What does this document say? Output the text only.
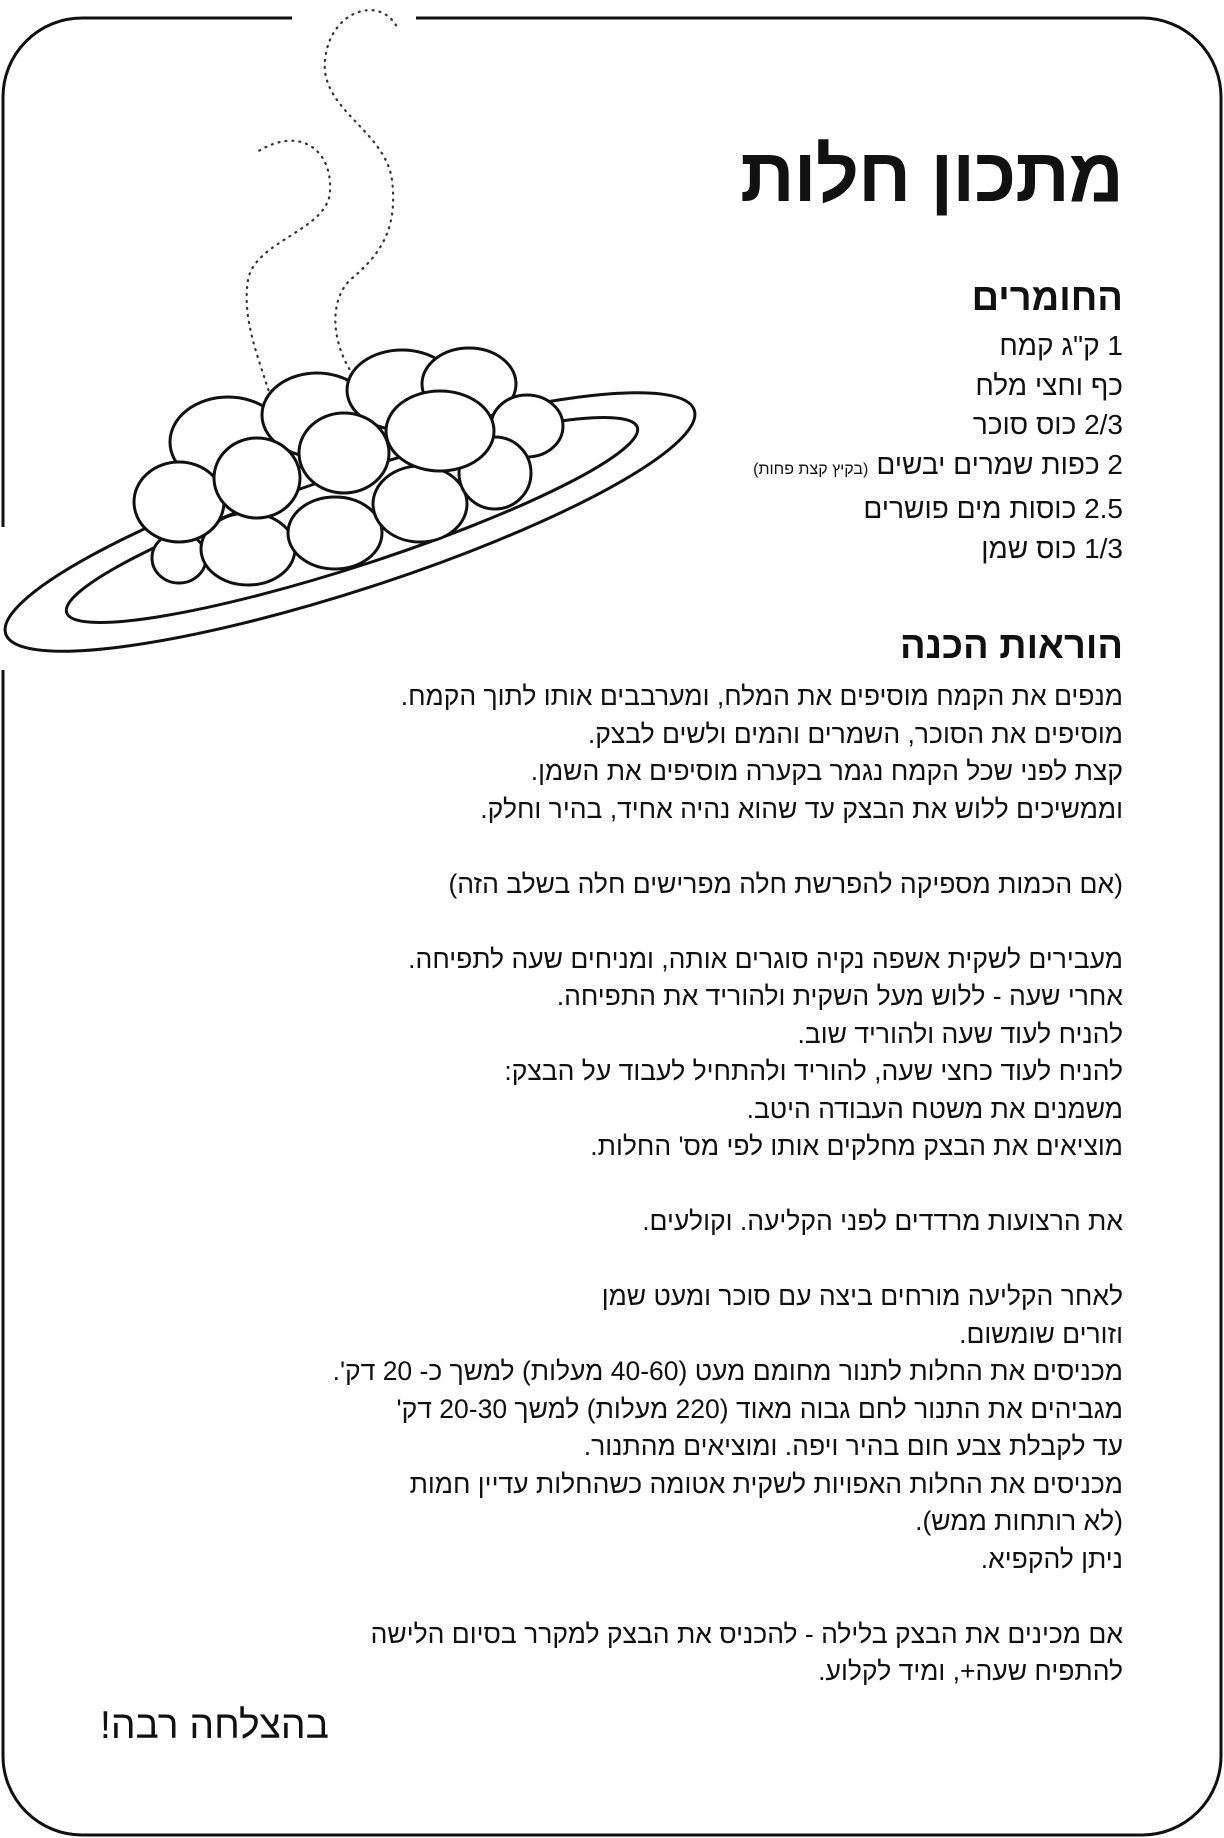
מתכון חלות
החומרים
1 ק"ג קמח
כף וחצי מלח
2/3 כוס סוכר
2 כפות שמרים יבשים(בקיץ קצת פחות)
2.5 כוסות מים פושרים
1/3 כוס שמן
הוראות הכנה
מנפים את הקמח מוסיפים את המלח, ומערבבים אותו לתוך הקמח.
מוסיפים את הסוכר, השמרים והמים ולשים לבצק.
קצת לפני שכל הקמח נגמר בקערה מוסיפים את השמן.
וממשיכים ללוש את הבצק עד שהוא נהיה אחיד, בהיר וחלק.
(אם הכמות מספיקה להפרשת חלה מפרישים חלה בשלב הזה)
מעבירים לשקית אשפה נקיה סוגרים אותה, ומניחים שעה לתפיחה.
אחרי שעה - ללוש מעל השקית ולהוריד את התפיחה.
להניח לעוד שעה ולהוריד שוב.
להניח לעוד כחצי שעה, להוריד ולהתחיל לעבוד על הבצק:
משמנים את משטח העבודה היטב.
מוציאים את הבצק מחלקים אותו לפי מס' החלות.
את הרצועות מרדדים לפני הקליעה. וקולעים.
לאחר הקליעה מורחים ביצה עם סוכר ומעט שמן
וזורים שומשום.
מכניסים את החלות לתנור מחומם מעט (40-60 מעלות) למשך כ- 20 דק'.
מגביהים את התנור לחם גבוה מאוד (220 מעלות) למשך 20-30 דק'
עד לקבלת צבע חום בהיר ויפה. ומוציאים מהתנור.
מכניסים את החלות האפויות לשקית אטומה כשהחלות עדיין חמות
(לא רותחות ממש).
ניתן להקפיא.
אם מכינים את הבצק בלילה - להכניס את הבצק למקרר בסיום הלישה
להתפיח שעה+, ומיד לקלוע.
בהצלחה רבה!
